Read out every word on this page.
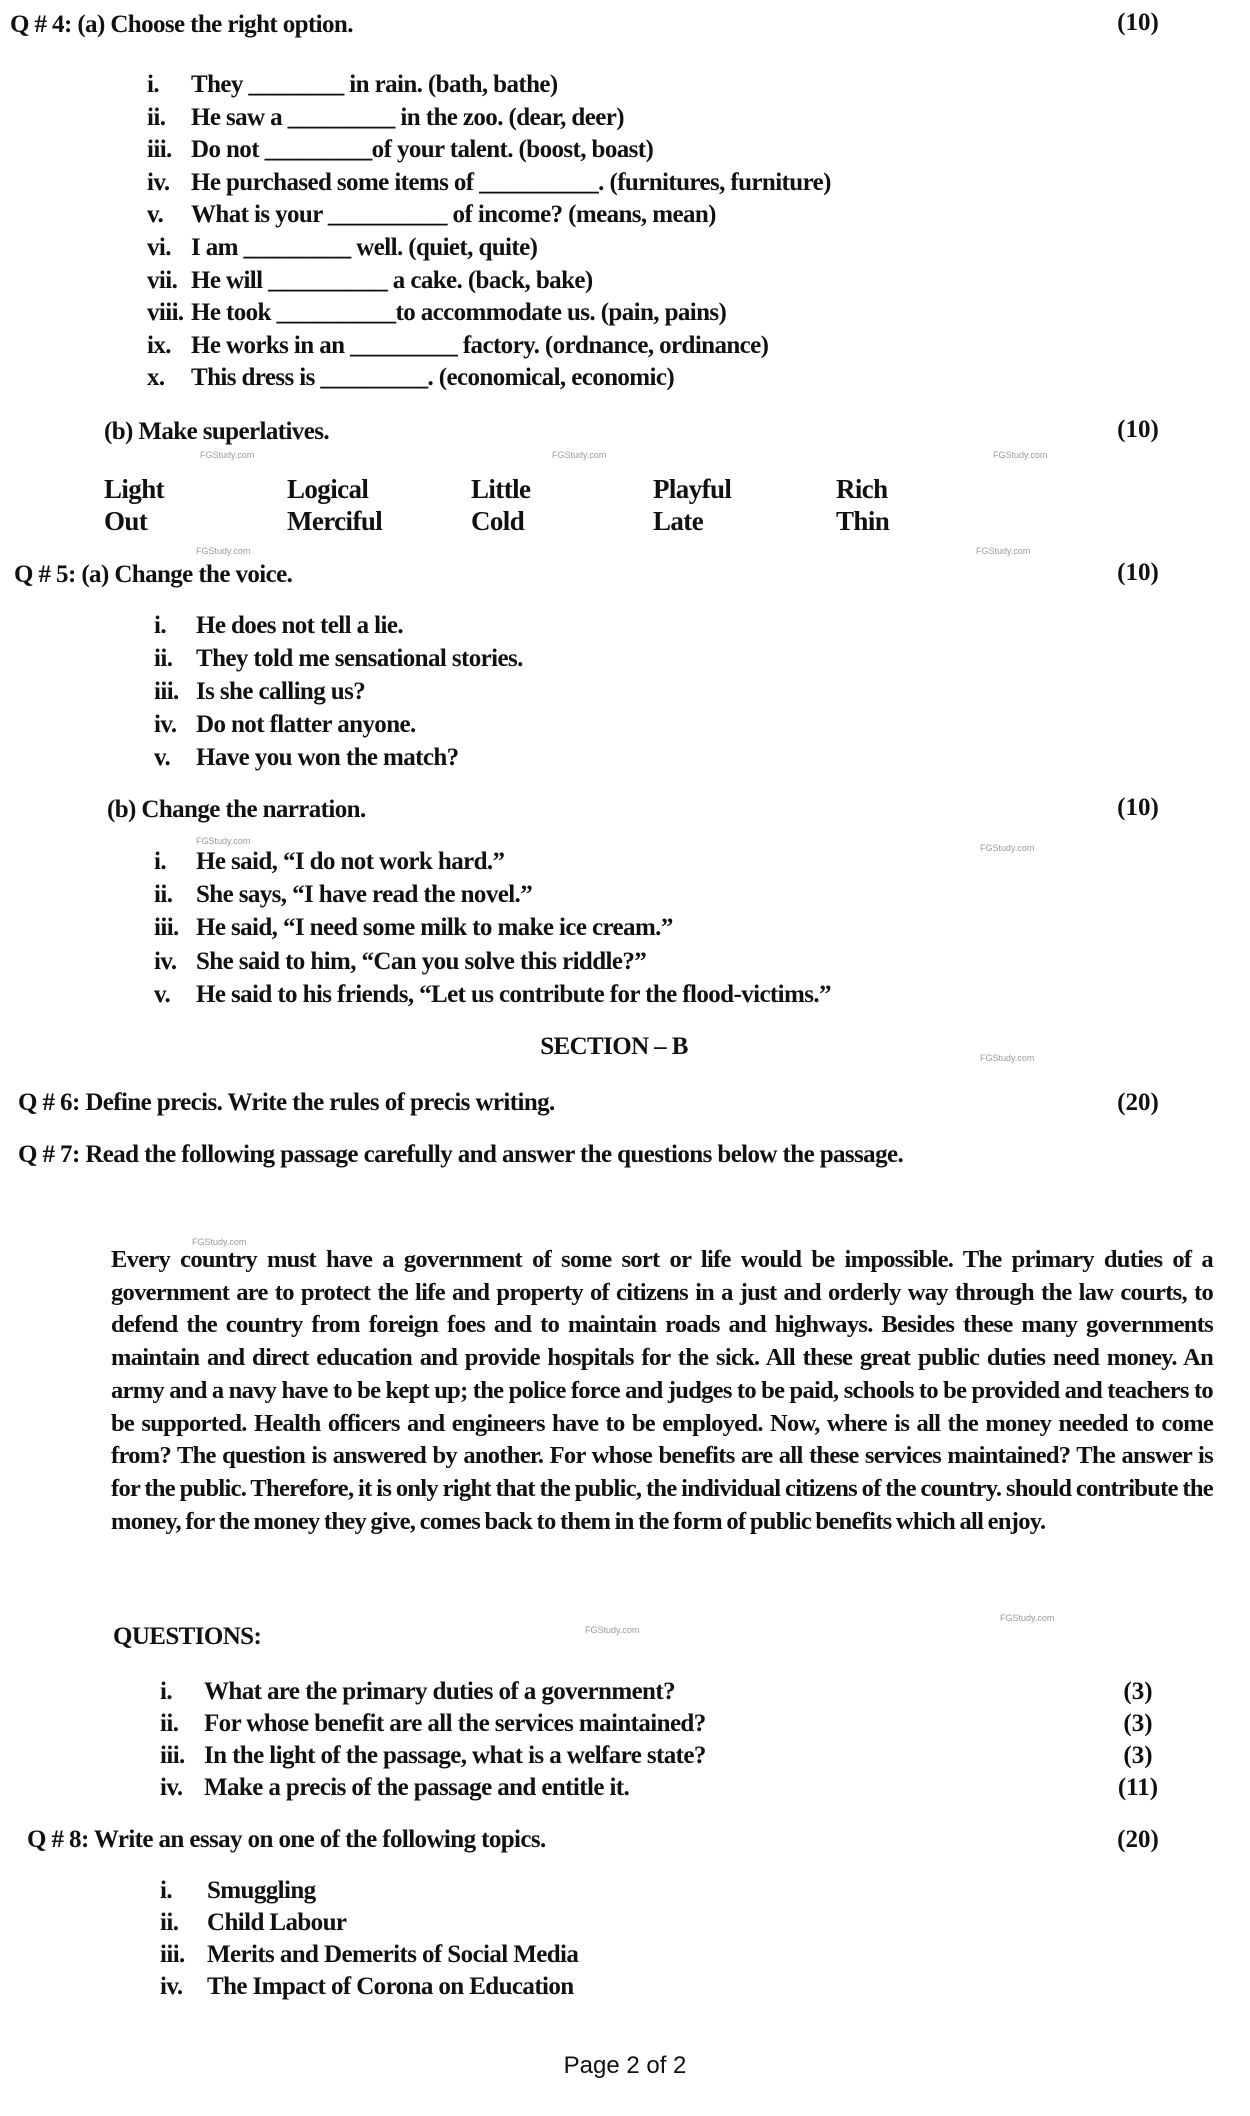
Q # 4: (a) Choose the right option.	(10)
i. They ________ in rain. (bath, bathe)
ii. He saw a _________ in the zoo. (dear, deer)
iii. Do not _________of your talent. (boost, boast)
iv. He purchased some items of __________. (furnitures, furniture)
v. What is your __________ of income? (means, mean)
vi. I am _________ well. (quiet, quite)
vii. He will __________ a cake. (back, bake)
viii. He took __________to accommodate us. (pain, pains)
ix. He works in an _________ factory. (ordnance, ordinance)
x. This dress is _________. (economical, economic)
(b) Make superlatives.	(10)
Light	Logical	Little	Playful	Rich
Out	Merciful	Cold	Late	Thin
Q # 5: (a) Change the voice.	(10)
i. He does not tell a lie.
ii. They told me sensational stories.
iii. Is she calling us?
iv. Do not flatter anyone.
v. Have you won the match?
(b) Change the narration.	(10)
i. He said, “I do not work hard.”
ii. She says, “I have read the novel.”
iii. He said, “I need some milk to make ice cream.”
iv. She said to him, “Can you solve this riddle?”
v. He said to his friends, “Let us contribute for the flood-victims.”
SECTION – B
Q # 6: Define precis. Write the rules of precis writing.	(20)
Q # 7: Read the following passage carefully and answer the questions below the passage.
Every country must have a government of some sort or life would be impossible. The primary duties of a government are to protect the life and property of citizens in a just and orderly way through the law courts, to defend the country from foreign foes and to maintain roads and highways. Besides these many governments maintain and direct education and provide hospitals for the sick. All these great public duties need money. An army and a navy have to be kept up; the police force and judges to be paid, schools to be provided and teachers to be supported. Health officers and engineers have to be employed. Now, where is all the money needed to come from? The question is answered by another. For whose benefits are all these services maintained? The answer is for the public. Therefore, it is only right that the public, the individual citizens of the country. should contribute the money, for the money they give, comes back to them in the form of public benefits which all enjoy.
QUESTIONS:
i. What are the primary duties of a government?	(3)
ii. For whose benefit are all the services maintained?	(3)
iii. In the light of the passage, what is a welfare state?	(3)
iv. Make a precis of the passage and entitle it.	(11)
Q # 8: Write an essay on one of the following topics.	(20)
i. Smuggling
ii. Child Labour
iii. Merits and Demerits of Social Media
iv. The Impact of Corona on Education
FGStudy.com	FGStudy.com	FGStudy.com
FGStudy.com	FGStudy.com
FGStudy.com
FGStudy.com
FGStudy.com
FGStudy.com
FGStudy.com
FGStudy.com
Page 2 of 2
